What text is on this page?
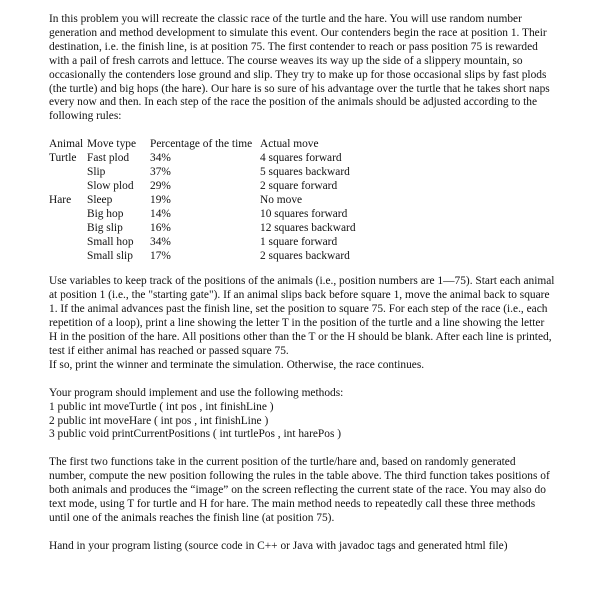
In this problem you will recreate the classic race of the turtle and the hare. You will use random number generation and method development to simulate this event. Our contenders begin the race at position 1. Their destination, i.e. the finish line, is at position 75. The first contender to reach or pass position 75 is rewarded with a pail of fresh carrots and lettuce. The course weaves its way up the side of a slippery mountain, so occasionally the contenders lose ground and slip. They try to make up for those occasional slips by fast plods (the turtle) and big hops (the hare). Our hare is so sure of his advantage over the turtle that he takes short naps every now and then. In each step of the race the position of the animals should be adjusted according to the following rules:

Animal	Move type	Percentage of the time	Actual move
Turtle	Fast plod	34%	4 squares forward
	Slip	37%	5 squares backward
	Slow plod	29%	2 square forward
Hare	Sleep	19%	No move
	Big hop	14%	10 squares forward
	Big slip	16%	12 squares backward
	Small hop	34%	1 square forward
	Small slip	17%	2 squares backward

Use variables to keep track of the positions of the animals (i.e., position numbers are 1—75). Start each animal at position 1 (i.e., the "starting gate"). If an animal slips back before square 1, move the animal back to square 1. If the animal advances past the finish line, set the position to square 75. For each step of the race (i.e., each repetition of a loop), print a line showing the letter T in the position of the turtle and a line showing the letter H in the position of the hare. All positions other than the T or the H should be blank. After each line is printed, test if either animal has reached or passed square 75.
If so, print the winner and terminate the simulation. Otherwise, the race continues.

Your program should implement and use the following methods:
1 public int moveTurtle ( int pos , int finishLine )
2 public int moveHare ( int pos , int finishLine )
3 public void printCurrentPositions ( int turtlePos , int harePos )

The first two functions take in the current position of the turtle/hare and, based on randomly generated number, compute the new position following the rules in the table above. The third function takes positions of both animals and produces the “image” on the screen reflecting the current state of the race. You may also do text mode, using T for turtle and H for hare. The main method needs to repeatedly call these three methods until one of the animals reaches the finish line (at position 75).

Hand in your program listing (source code in C++ or Java with javadoc tags and generated html file)
